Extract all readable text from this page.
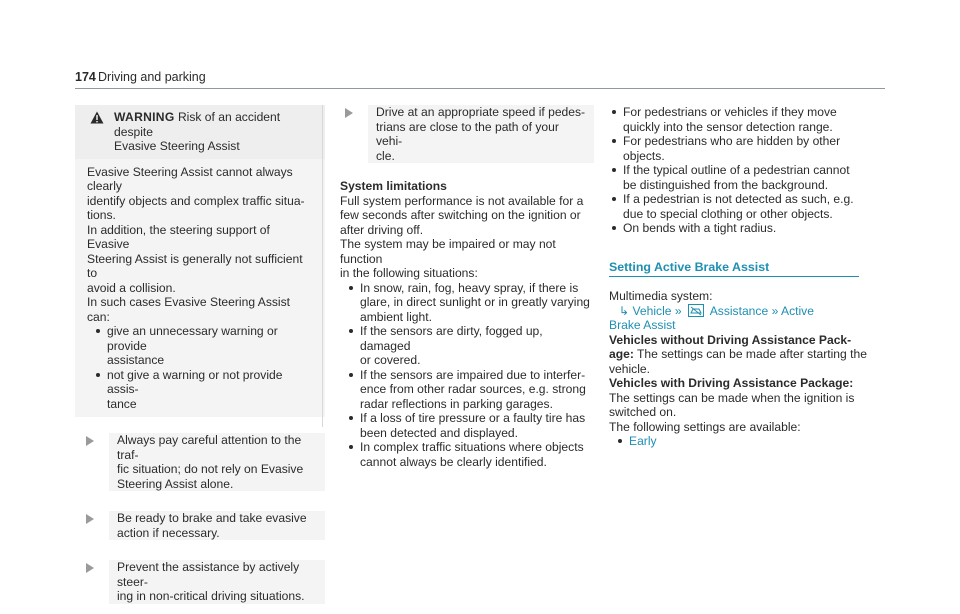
174 Driving and parking
WARNING Risk of an accident despite
Evasive Steering Assist
Evasive Steering Assist cannot always clearly
identify objects and complex traffic situa-
tions.
In addition, the steering support of Evasive
Steering Assist is generally not sufficient to
avoid a collision.
In such cases Evasive Steering Assist can:
give an unnecessary warning or provide
assistance
not give a warning or not provide assis-
tance
Always pay careful attention to the traf-
fic situation; do not rely on Evasive
Steering Assist alone.
Be ready to brake and take evasive
action if necessary.
Prevent the assistance by actively steer-
ing in non-critical driving situations.
Drive at an appropriate speed if pedes-
trians are close to the path of your vehi-
cle.
System limitations
Full system performance is not available for a
few seconds after switching on the ignition or
after driving off.
The system may be impaired or may not function
in the following situations:
In snow, rain, fog, heavy spray, if there is
glare, in direct sunlight or in greatly varying
ambient light.
If the sensors are dirty, fogged up, damaged
or covered.
If the sensors are impaired due to interfer-
ence from other radar sources, e.g. strong
radar reflections in parking garages.
If a loss of tire pressure or a faulty tire has
been detected and displayed.
In complex traffic situations where objects
cannot always be clearly identified.
For pedestrians or vehicles if they move
quickly into the sensor detection range.
For pedestrians who are hidden by other
objects.
If the typical outline of a pedestrian cannot
be distinguished from the background.
If a pedestrian is not detected as such, e.g.
due to special clothing or other objects.
On bends with a tight radius.
Setting Active Brake Assist
Multimedia system:
↳ Vehicle » Assistance » Active
Brake Assist
Vehicles without Driving Assistance Pack-
age: The settings can be made after starting the
vehicle.
Vehicles with Driving Assistance Package:
The settings can be made when the ignition is
switched on.
The following settings are available:
Early
